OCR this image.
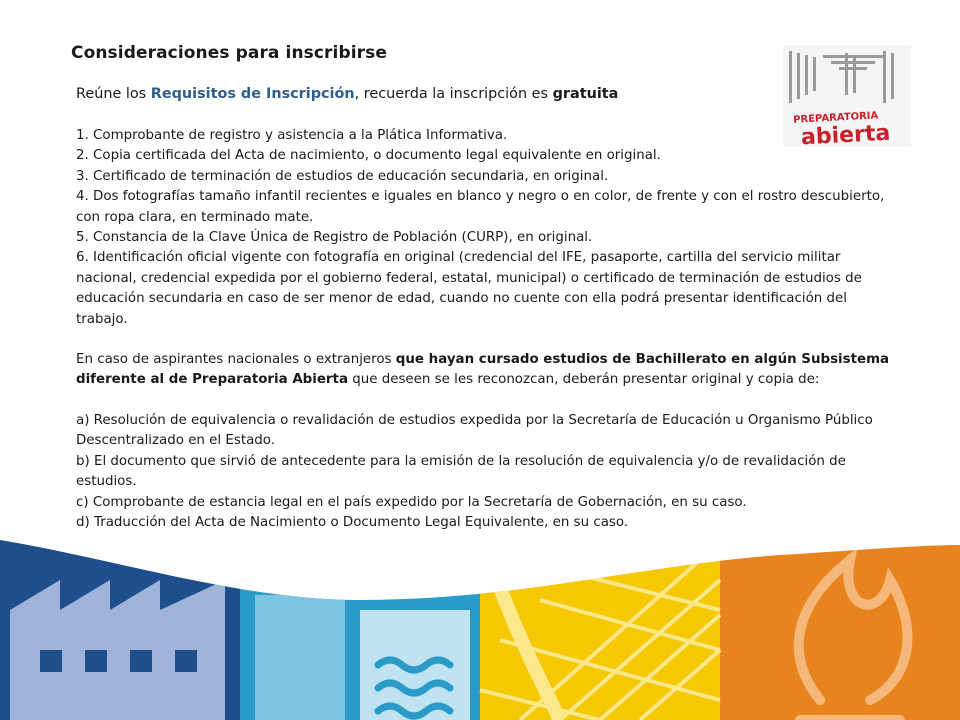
Consideraciones para inscribirse
PREPARATORIA
abierta

Reúne los Requisitos de Inscripción, recuerda la inscripción es gratuita

1. Comprobante de registro y asistencia a la Plática Informativa.

2. Copia certificada del Acta de nacimiento, o documento legal equivalente en original.

3. Certificado de terminación de estudios de educación secundaria, en original.

4. Dos fotografías tamaño infantil recientes e iguales en blanco y negro o en color, de frente y con el rostro descubierto, con ropa clara, en terminado mate.

5. Constancia de la Clave Única de Registro de Población (CURP), en original.

6. Identificación oficial vigente con fotografía en original (credencial del IFE, pasaporte, cartilla del servicio militar nacional, credencial expedida por el gobierno federal, estatal, municipal) o certificado de terminación de estudios de educación secundaria en caso de ser menor de edad, cuando no cuente con ella podrá presentar identificación del trabajo.

En caso de aspirantes nacionales o extranjeros que hayan cursado estudios de Bachillerato en algún Subsistema diferente al de Preparatoria Abierta que deseen se les reconozcan, deberán presentar original y copia de:

a) Resolución de equivalencia o revalidación de estudios expedida por la Secretaría de Educación u Organismo Público Descentralizado en el Estado.

b) El documento que sirvió de antecedente para la emisión de la resolución de equivalencia y/o de revalidación de estudios.

c) Comprobante de estancia legal en el país expedido por la Secretaría de Gobernación, en su caso.

d) Traducción del Acta de Nacimiento o Documento Legal Equivalente, en su caso.
